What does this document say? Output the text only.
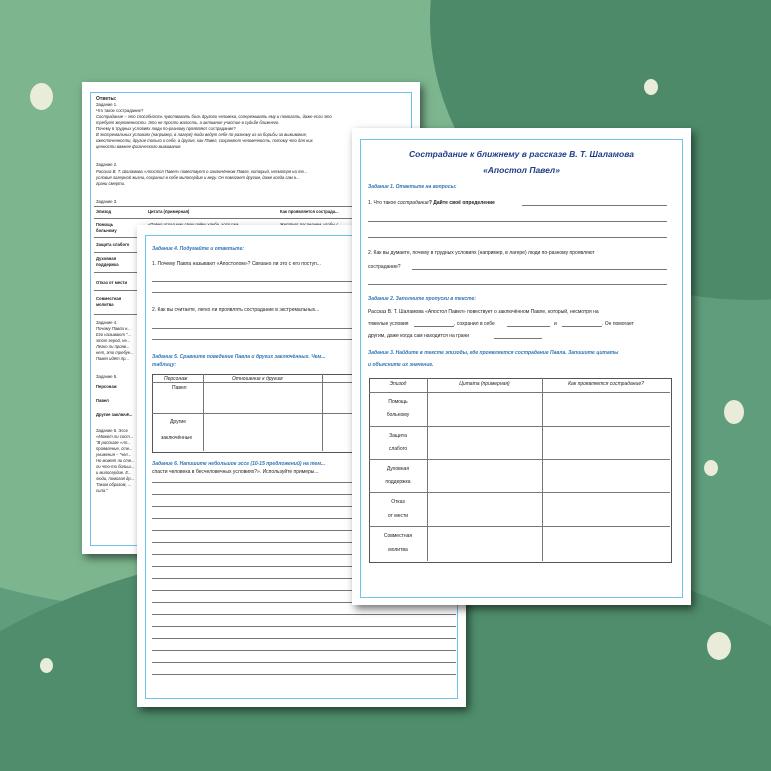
Ответы:
Задание 1.
Что такое сострадание?
Сострадание – это способность чувствовать боль другого человека, сопереживать ему и помогать, даже если это
требует жертвенности. Это не просто жалость, а активное участие в судьбе ближнего.
Почему в трудных условиях люди по-разному проявляют сострадание?
В экстремальных условиях (например, в лагере) люди ведут себя по-разному из-за борьбы за выживание,
ожесточенности, другие только о себе, а другие, как Павел, сохраняют человечность, потому что для них
ценности важнее физического выживания.
Задание 2.
Рассказ В. Т. Шаламова «Апостол Павел» повествует о заключённом Павле, который, несмотря на тя...
условия лагерной жизни, сохранил в себе милосердие и веру. Он помогает другим, даже когда сам н...
грани смерти.
Задание 3.
Эпизод	Цитата (примерная)	Как проявляется сострада...
Помощь
больному
Защита слабого
Духовная
поддержка
Отказ от мести
Совместная
молитва
Задание 4.
Почему Павла н...
Его называют "...
этот герой, не...
Легко ли прояв...
нет, это требуе...
Павел идёт пр...
Задание 5.
Персонаж
Павел
Другие заключё...
Задание 6. Эссе
«Может ли сост...
"В рассказе «Ап...
проявление, сте...
унижения – "чел...
Но может ли сте...
ли что-то больш...
и милосердие. Е...
люди, помогая др...
Таким образом, ...
сила."
Задание 4. Подумайте и ответьте:
1. Почему Павла называют «Апостолом»? Связано ли это с его поступ...
2. Как вы считаете, легко ли проявлять сострадание в экстремальных...
Задание 5. Сравните поведение Павла и других заключённых. Чем...
таблицу:
Персонаж	Отношение к другим
Павел
Другие
заключённые
Задание 6. Напишите небольшое эссе (10-15 предложений) на тем...
спасти человека в бесчеловечных условиях?». Используйте примеры...
Сострадание к ближнему в рассказе В. Т. Шаламова
«Апостол Павел»
Задание 1. Ответьте на вопросы:
1. Что такое сострадание? Дайте своё определение
2. Как вы думаете, почему в трудных условиях (например, в лагере) люди по-разному проявляют
сострадание?
Задание 2. Заполните пропуски в тексте:
Рассказ В. Т. Шаламова «Апостол Павел» повествует о заключённом Павле, который, несмотря на
тяжелые условия	, сохранил в себе	и	. Он помогает
другим, даже когда сам находится на грани
Задание 3. Найдите в тексте эпизоды, где проявляется сострадание Павла. Запишите цитаты
и объясните их значение.
Эпизод	Цитата (примерная)	Как проявляется сострадание?
Помощь
больному
Защита
слабого
Духовная
поддержка
Отказ
от мести
Совместная
молитва
